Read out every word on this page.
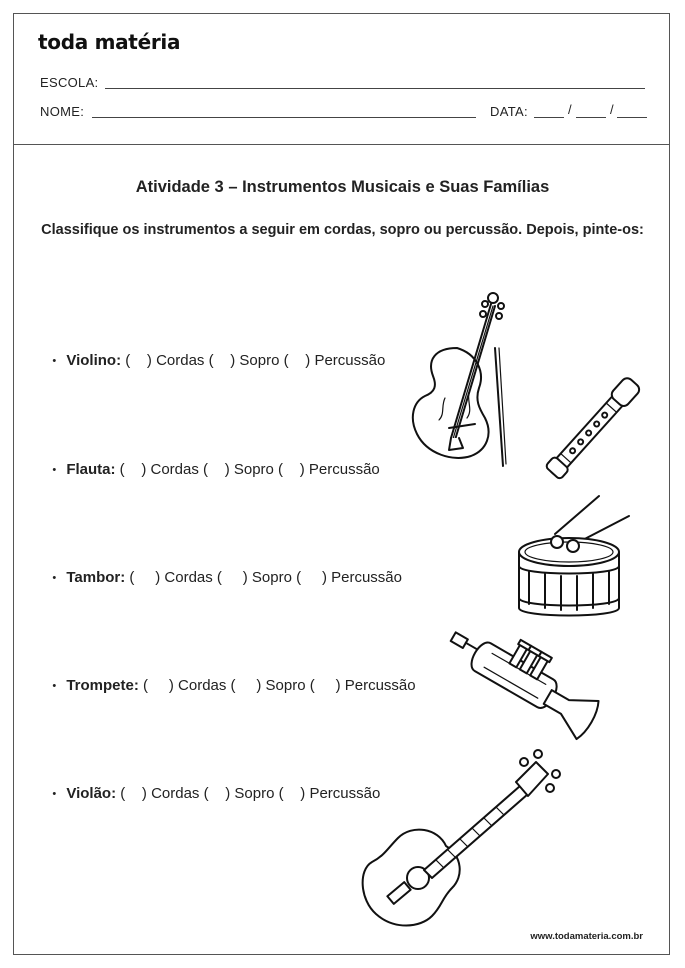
toda matéria
ESCOLA:
NOME:	DATA:	/	/
Atividade 3 – Instrumentos Musicais e Suas Famílias
Classifique os instrumentos a seguir em cordas, sopro ou percussão. Depois, pinte-os:

• Violino: (    ) Cordas (    ) Sopro (    ) Percussão

• Flauta: (    ) Cordas (    ) Sopro (    ) Percussão

• Tambor: (     ) Cordas (     ) Sopro (     ) Percussão

• Trompete: (     ) Cordas (     ) Sopro (     ) Percussão

• Violão: (    ) Cordas (    ) Sopro (    ) Percussão

www.todamateria.com.br
